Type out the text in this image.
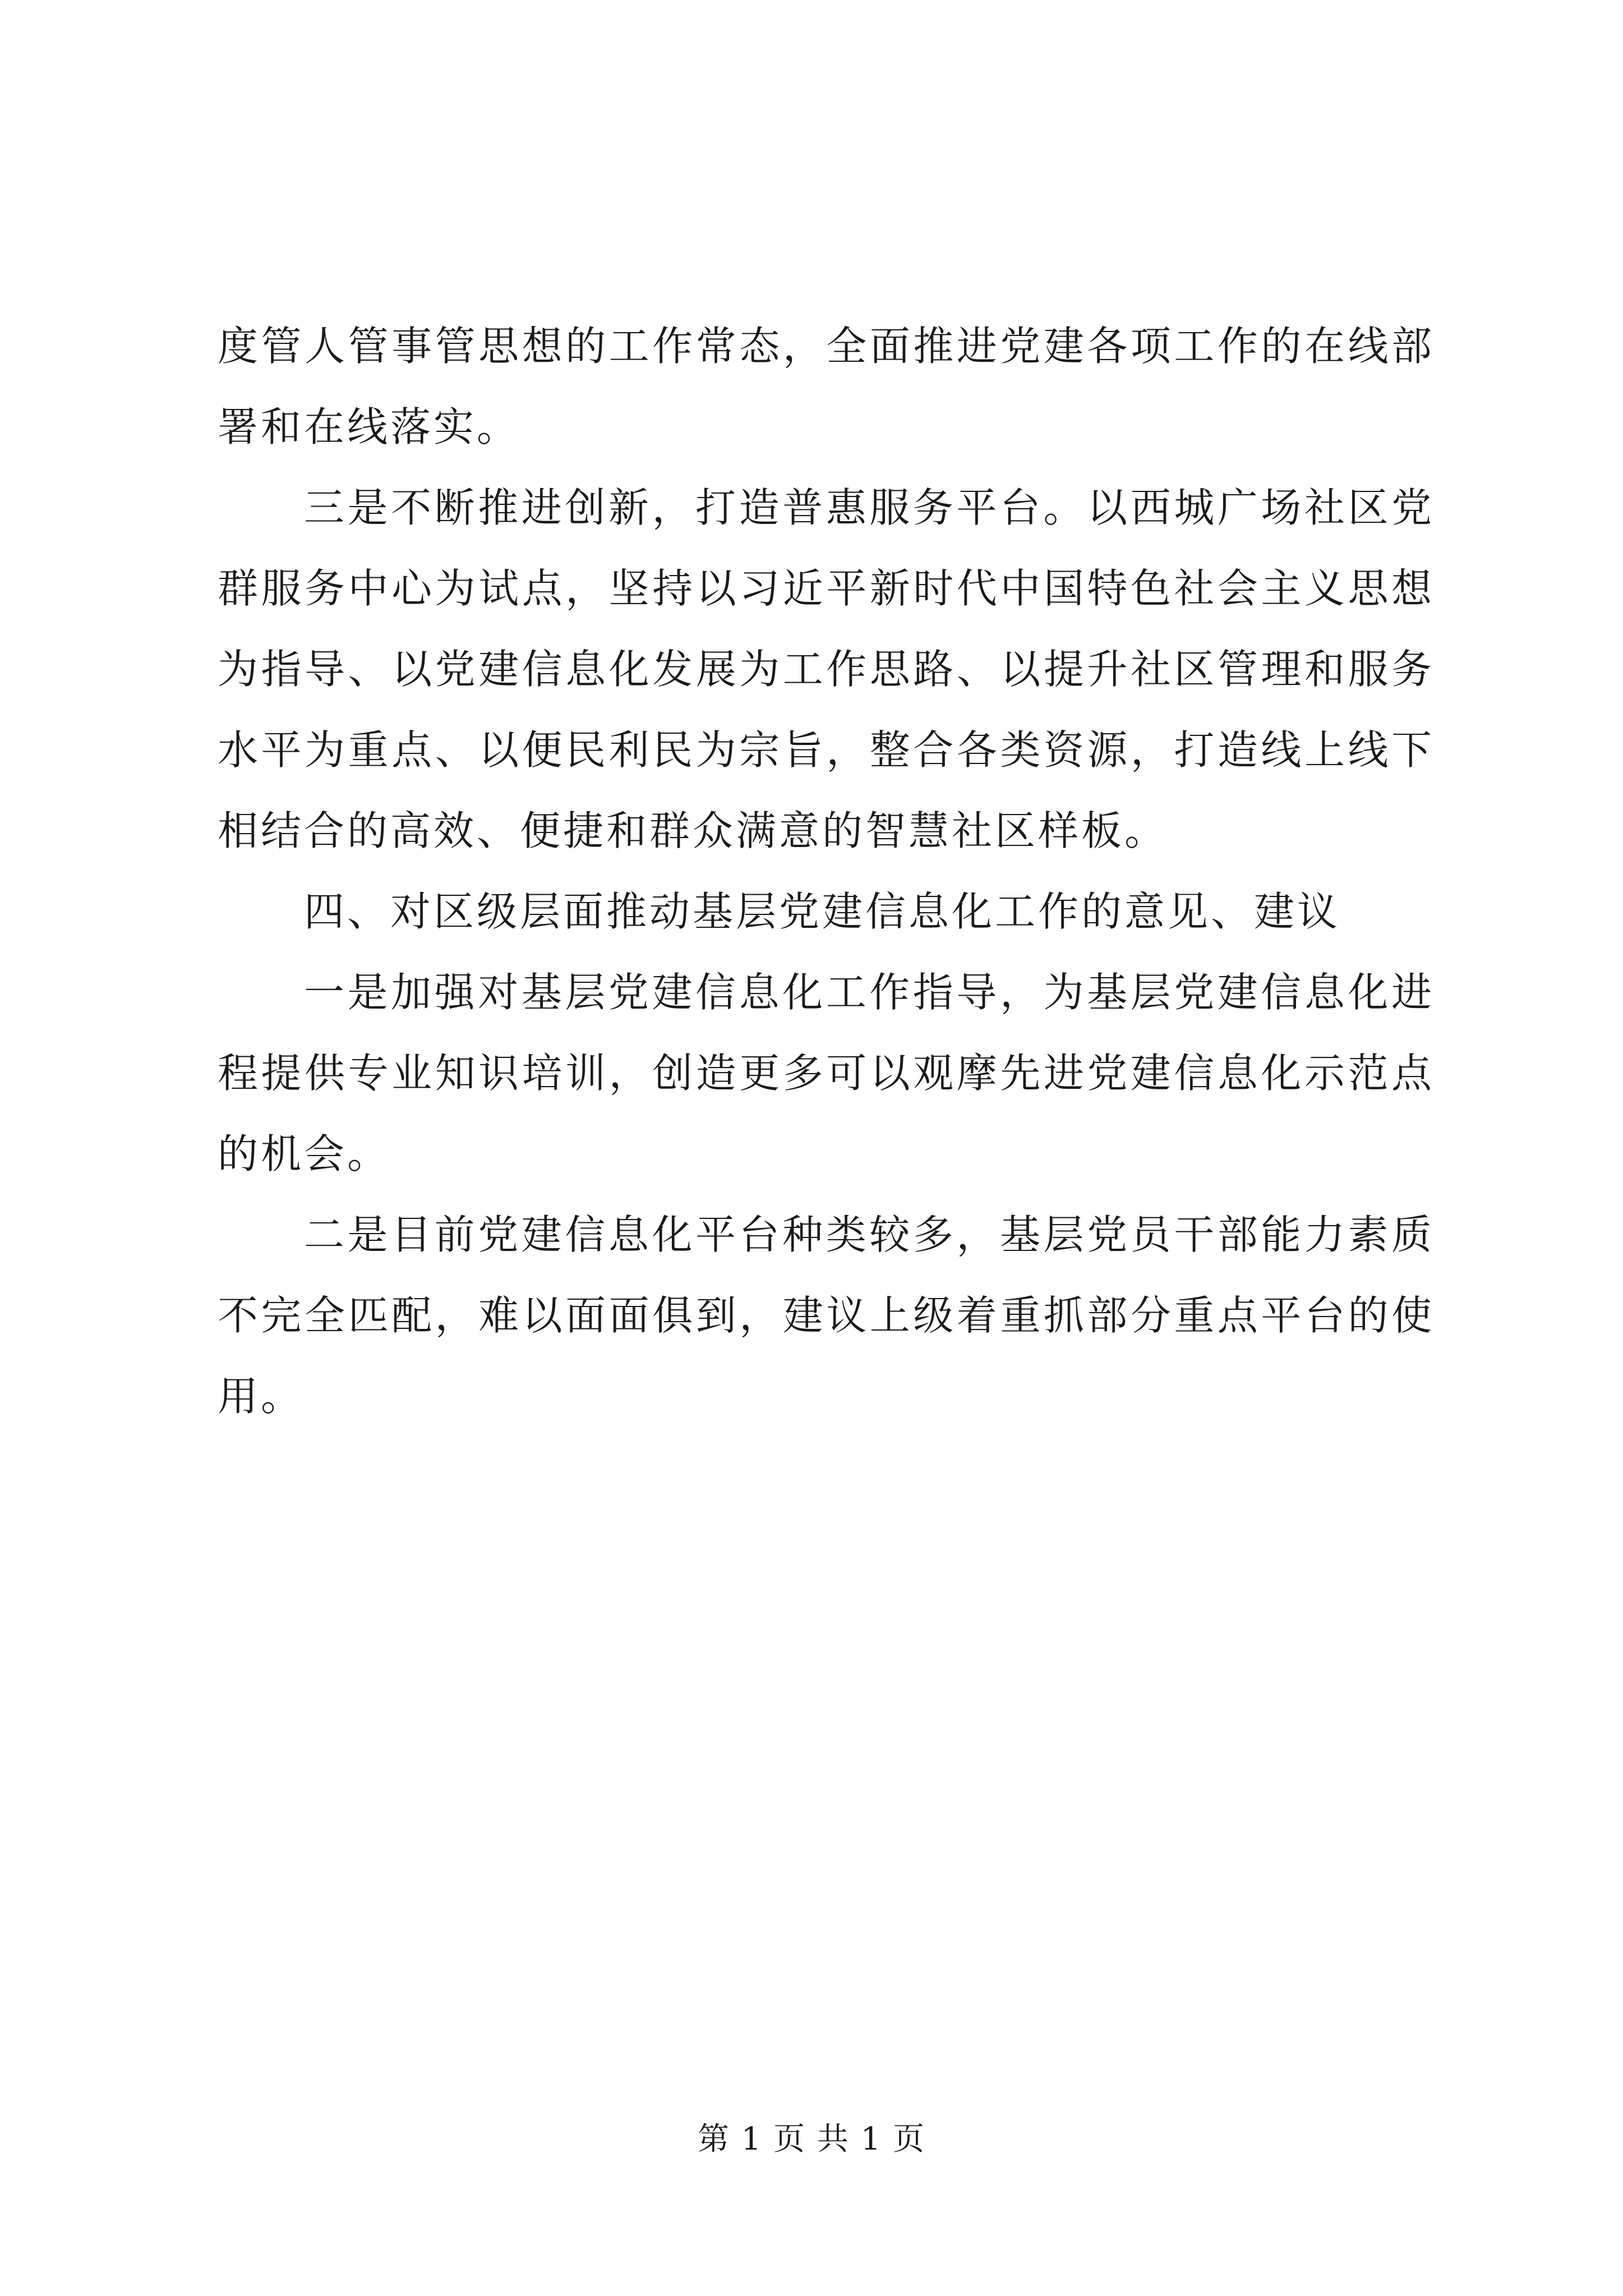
度管人管事管思想的工作常态，全面推进党建各项工作的在线部署和在线落实。

三是不断推进创新，打造普惠服务平台。以西城广场社区党群服务中心为试点，坚持以习近平新时代中国特色社会主义思想为指导、以党建信息化发展为工作思路、以提升社区管理和服务水平为重点、以便民利民为宗旨，整合各类资源，打造线上线下相结合的高效、便捷和群众满意的智慧社区样板。

四、对区级层面推动基层党建信息化工作的意见、建议

一是加强对基层党建信息化工作指导，为基层党建信息化进程提供专业知识培训，创造更多可以观摩先进党建信息化示范点的机会。

二是目前党建信息化平台种类较多，基层党员干部能力素质不完全匹配，难以面面俱到，建议上级着重抓部分重点平台的使用。

第 1 页 共 1 页
